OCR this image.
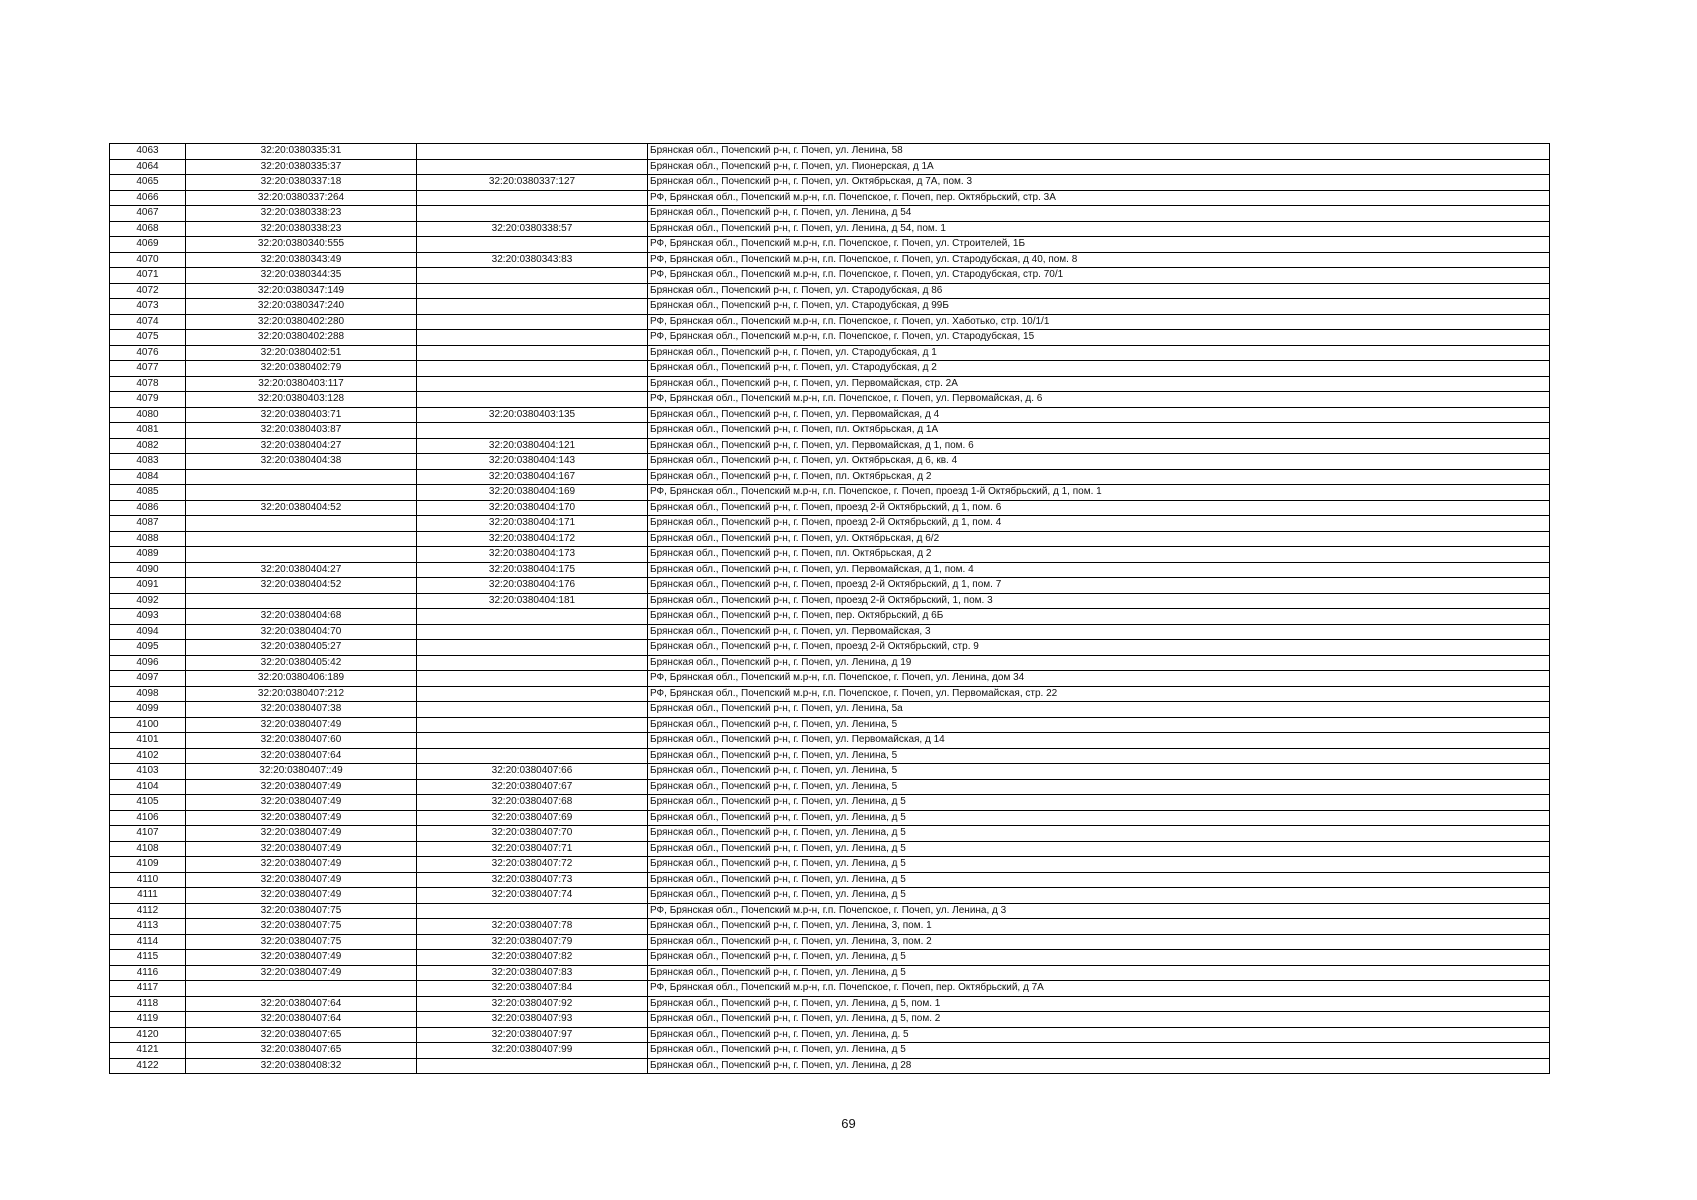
4063	32:20:0380335:31		Брянская обл., Почепский р-н, г. Почеп, ул. Ленина, 58
4064	32:20:0380335:37		Брянская обл., Почепский р-н, г. Почеп, ул. Пионерская, д 1А
4065	32:20:0380337:18	32:20:0380337:127	Брянская обл., Почепский р-н, г. Почеп, ул. Октябрьская, д 7А, пом. 3
4066	32:20:0380337:264		РФ, Брянская обл., Почепский м.р-н, г.п. Почепское, г. Почеп, пер. Октябрьский, стр. 3А
4067	32:20:0380338:23		Брянская обл., Почепский р-н, г. Почеп, ул. Ленина, д 54
4068	32:20:0380338:23	32:20:0380338:57	Брянская обл., Почепский р-н, г. Почеп, ул. Ленина, д 54, пом. 1
4069	32:20:0380340:555		РФ, Брянская обл., Почепский м.р-н, г.п. Почепское, г. Почеп, ул. Строителей, 1Б
4070	32:20:0380343:49	32:20:0380343:83	РФ, Брянская обл., Почепский м.р-н, г.п. Почепское, г. Почеп, ул. Стародубская, д 40, пом. 8
4071	32:20:0380344:35		РФ, Брянская обл., Почепский м.р-н, г.п. Почепское, г. Почеп, ул. Стародубская, стр. 70/1
4072	32:20:0380347:149		Брянская обл., Почепский р-н, г. Почеп, ул. Стародубская, д 86
4073	32:20:0380347:240		Брянская обл., Почепский р-н, г. Почеп, ул. Стародубская, д 99Б
4074	32:20:0380402:280		РФ, Брянская обл., Почепский м.р-н, г.п. Почепское, г. Почеп, ул. Хаботько, стр. 10/1/1
4075	32:20:0380402:288		РФ, Брянская обл., Почепский м.р-н, г.п. Почепское, г. Почеп, ул. Стародубская, 15
4076	32:20:0380402:51		Брянская обл., Почепский р-н, г. Почеп, ул. Стародубская, д 1
4077	32:20:0380402:79		Брянская обл., Почепский р-н, г. Почеп, ул. Стародубская, д 2
4078	32:20:0380403:117		Брянская обл., Почепский р-н, г. Почеп, ул. Первомайская, стр. 2А
4079	32:20:0380403:128		РФ, Брянская обл., Почепский м.р-н, г.п. Почепское, г. Почеп, ул. Первомайская, д. 6
4080	32:20:0380403:71	32:20:0380403:135	Брянская обл., Почепский р-н, г. Почеп, ул. Первомайская, д 4
4081	32:20:0380403:87		Брянская обл., Почепский р-н, г. Почеп, пл. Октябрьская, д 1А
4082	32:20:0380404:27	32:20:0380404:121	Брянская обл., Почепский р-н, г. Почеп, ул. Первомайская, д 1, пом. 6
4083	32:20:0380404:38	32:20:0380404:143	Брянская обл., Почепский р-н, г. Почеп, ул. Октябрьская, д 6, кв. 4
4084		32:20:0380404:167	Брянская обл., Почепский р-н, г. Почеп, пл. Октябрьская, д 2
4085		32:20:0380404:169	РФ, Брянская обл., Почепский м.р-н, г.п. Почепское, г. Почеп, проезд 1-й Октябрьский, д 1, пом. 1
4086	32:20:0380404:52	32:20:0380404:170	Брянская обл., Почепский р-н, г. Почеп, проезд 2-й Октябрьский, д 1, пом. 6
4087		32:20:0380404:171	Брянская обл., Почепский р-н, г. Почеп, проезд 2-й Октябрьский, д 1, пом. 4
4088		32:20:0380404:172	Брянская обл., Почепский р-н, г. Почеп, ул. Октябрьская, д 6/2
4089		32:20:0380404:173	Брянская обл., Почепский р-н, г. Почеп, пл. Октябрьская, д 2
4090	32:20:0380404:27	32:20:0380404:175	Брянская обл., Почепский р-н, г. Почеп, ул. Первомайская, д 1, пом. 4
4091	32:20:0380404:52	32:20:0380404:176	Брянская обл., Почепский р-н, г. Почеп, проезд 2-й Октябрьский, д 1, пом. 7
4092		32:20:0380404:181	Брянская обл., Почепский р-н, г. Почеп, проезд 2-й Октябрьский, 1, пом. 3
4093	32:20:0380404:68		Брянская обл., Почепский р-н, г. Почеп, пер. Октябрьский, д 6Б
4094	32:20:0380404:70		Брянская обл., Почепский р-н, г. Почеп, ул. Первомайская, 3
4095	32:20:0380405:27		Брянская обл., Почепский р-н, г. Почеп, проезд 2-й Октябрьский, стр. 9
4096	32:20:0380405:42		Брянская обл., Почепский р-н, г. Почеп, ул. Ленина, д 19
4097	32:20:0380406:189		РФ, Брянская обл., Почепский м.р-н, г.п. Почепское, г. Почеп, ул. Ленина, дом 34
4098	32:20:0380407:212		РФ, Брянская обл., Почепский м.р-н, г.п. Почепское, г. Почеп, ул. Первомайская, стр. 22
4099	32:20:0380407:38		Брянская обл., Почепский р-н, г. Почеп, ул. Ленина, 5а
4100	32:20:0380407:49		Брянская обл., Почепский р-н, г. Почеп, ул. Ленина, 5
4101	32:20:0380407:60		Брянская обл., Почепский р-н, г. Почеп, ул. Первомайская, д 14
4102	32:20:0380407:64		Брянская обл., Почепский р-н, г. Почеп, ул. Ленина, 5
4103	32:20:0380407::49	32:20:0380407:66	Брянская обл., Почепский р-н, г. Почеп, ул. Ленина, 5
4104	32:20:0380407:49	32:20:0380407:67	Брянская обл., Почепский р-н, г. Почеп, ул. Ленина, 5
4105	32:20:0380407:49	32:20:0380407:68	Брянская обл., Почепский р-н, г. Почеп, ул. Ленина, д 5
4106	32:20:0380407:49	32:20:0380407:69	Брянская обл., Почепский р-н, г. Почеп, ул. Ленина, д 5
4107	32:20:0380407:49	32:20:0380407:70	Брянская обл., Почепский р-н, г. Почеп, ул. Ленина, д 5
4108	32:20:0380407:49	32:20:0380407:71	Брянская обл., Почепский р-н, г. Почеп, ул. Ленина, д 5
4109	32:20:0380407:49	32:20:0380407:72	Брянская обл., Почепский р-н, г. Почеп, ул. Ленина, д 5
4110	32:20:0380407:49	32:20:0380407:73	Брянская обл., Почепский р-н, г. Почеп, ул. Ленина, д 5
4111	32:20:0380407:49	32:20:0380407:74	Брянская обл., Почепский р-н, г. Почеп, ул. Ленина, д 5
4112	32:20:0380407:75		РФ, Брянская обл., Почепский м.р-н, г.п. Почепское, г. Почеп, ул. Ленина, д 3
4113	32:20:0380407:75	32:20:0380407:78	Брянская обл., Почепский р-н, г. Почеп, ул. Ленина, 3, пом. 1
4114	32:20:0380407:75	32:20:0380407:79	Брянская обл., Почепский р-н, г. Почеп, ул. Ленина, 3, пом. 2
4115	32:20:0380407:49	32:20:0380407:82	Брянская обл., Почепский р-н, г. Почеп, ул. Ленина, д 5
4116	32:20:0380407:49	32:20:0380407:83	Брянская обл., Почепский р-н, г. Почеп, ул. Ленина, д 5
4117		32:20:0380407:84	РФ, Брянская обл., Почепский м.р-н, г.п. Почепское, г. Почеп, пер. Октябрьский, д 7А
4118	32:20:0380407:64	32:20:0380407:92	Брянская обл., Почепский р-н, г. Почеп, ул. Ленина, д 5, пом. 1
4119	32:20:0380407:64	32:20:0380407:93	Брянская обл., Почепский р-н, г. Почеп, ул. Ленина, д 5, пом. 2
4120	32:20:0380407:65	32:20:0380407:97	Брянская обл., Почепский р-н, г. Почеп, ул. Ленина, д. 5
4121	32:20:0380407:65	32:20:0380407:99	Брянская обл., Почепский р-н, г. Почеп, ул. Ленина, д 5
4122	32:20:0380408:32		Брянская обл., Почепский р-н, г. Почеп, ул. Ленина, д 28
69
